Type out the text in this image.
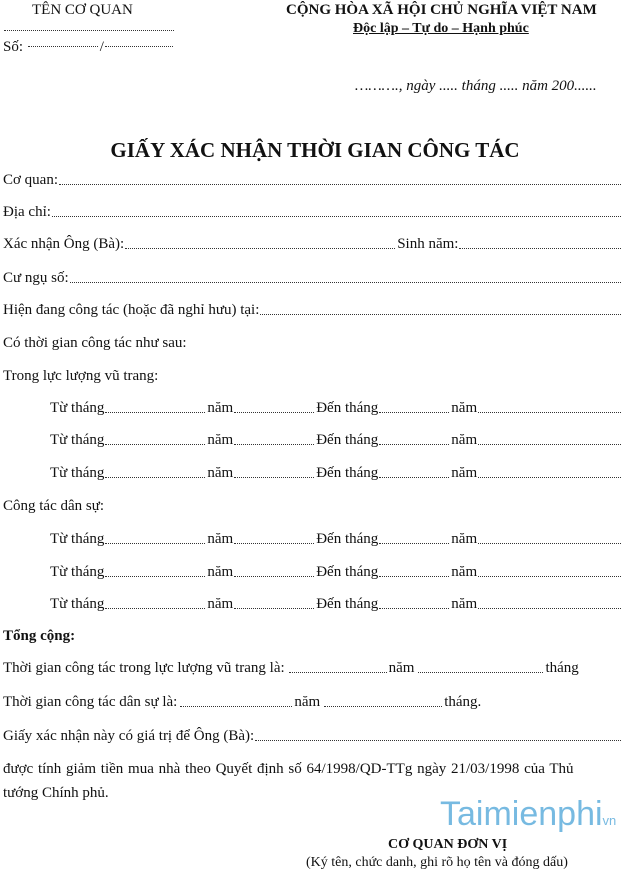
TÊN CƠ QUAN
Số:	/
CỘNG HÒA XÃ HỘI CHỦ NGHĨA VIỆT NAM
Độc lập – Tự do – Hạnh phúc
………., ngày ..... tháng ..... năm 200......
GIẤY XÁC NHẬN THỜI GIAN CÔNG TÁC
Cơ quan:
Địa chỉ:
Xác nhận Ông (Bà):	Sinh năm:
Cư ngụ số:
Hiện đang công tác (hoặc đã nghỉ hưu) tại:
Có thời gian công tác như sau:
Trong lực lượng vũ trang:
Từ tháng	năm	Đến tháng	năm
Từ tháng	năm	Đến tháng	năm
Từ tháng	năm	Đến tháng	năm
Công tác dân sự:
Từ tháng	năm	Đến tháng	năm
Từ tháng	năm	Đến tháng	năm
Từ tháng	năm	Đến tháng	năm
Tổng cộng:
Thời gian công tác trong lực lượng vũ trang là:	năm	tháng
Thời gian công tác dân sự là:	năm	tháng.
Giấy xác nhận này có giá trị để Ông (Bà):
được tính giảm tiền mua nhà theo Quyết định số 64/1998/QD-TTg ngày 21/03/1998 của Thủ
tướng Chính phủ.
Taimienphivn
CƠ QUAN ĐƠN VỊ
(Ký tên, chức danh, ghi rõ họ tên và đóng dấu)
